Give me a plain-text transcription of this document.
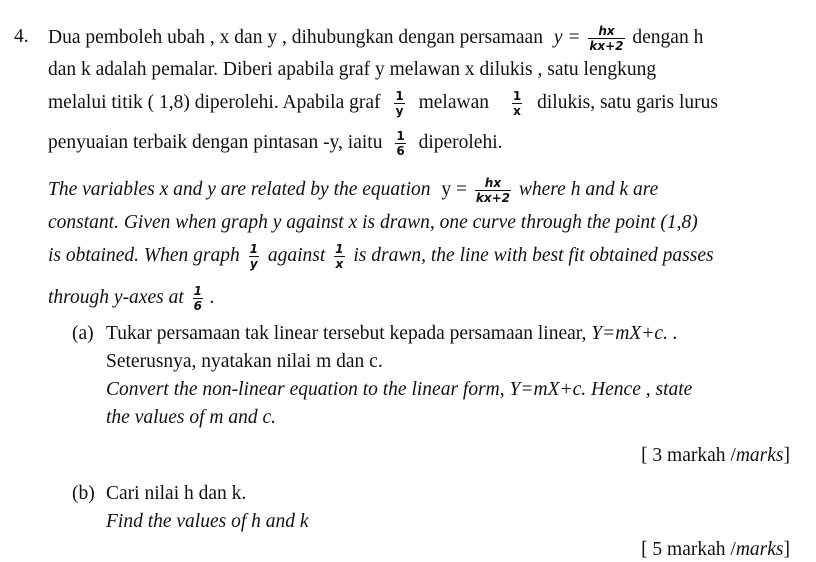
4. Dua pemboleh ubah , x dan y , dihubungkan dengan persamaan $y = \frac{hx}{kx+2}$ dengan h
dan k adalah pemalar. Diberi apabila graf y melawan x dilukis , satu lengkung
melalui titik ( 1,8) diperolehi. Apabila graf $\frac{1}{y}$ melawan $\frac{1}{x}$ dilukis, satu garis lurus
penyuaian terbaik dengan pintasan -y, iaitu $\frac{1}{6}$ diperolehi.
The variables x and y are related by the equation $y = \frac{hx}{kx+2}$ where h and k are
constant. Given when graph y against x is drawn, one curve through the point (1,8)
is obtained. When graph $\frac{1}{y}$ against $\frac{1}{x}$ is drawn, the line with best fit obtained passes
through y-axes at $\frac{1}{6}$ .
(a) Tukar persamaan tak linear tersebut kepada persamaan linear, Y=mX+c. .
Seterusnya, nyatakan nilai m dan c.
Convert the non-linear equation to the linear form, Y=mX+c. Hence , state
the values of m and c.
[ 3 markah /marks]
(b) Cari nilai h dan k.
Find the values of h and k
[ 5 markah /marks]
